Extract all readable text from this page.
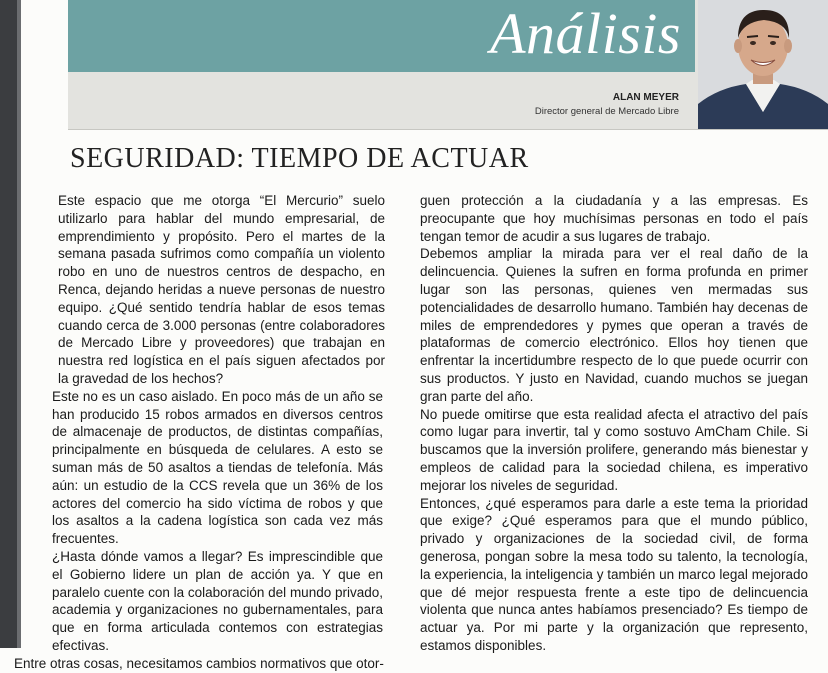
Análisis
ALAN MEYER
Director general de Mercado Libre
SEGURIDAD: TIEMPO DE ACTUAR

Este espacio que me otorga “El Mercurio” suelo utilizarlo para hablar del mundo empresarial, de emprendimiento y propósito. Pero el martes de la semana pasada sufrimos como compañía un violento robo en uno de nuestros centros de despacho, en Renca, dejando heridas a nueve personas de nuestro equipo. ¿Qué sentido tendría hablar de esos temas cuando cerca de 3.000 personas (entre colaboradores de Mercado Libre y proveedores) que trabajan en nuestra red logística en el país siguen afectados por la gravedad de los hechos?

Este no es un caso aislado. En poco más de un año se han producido 15 robos armados en diversos centros de almacenaje de productos, de distintas compañías, principalmente en búsqueda de celulares. A esto se suman más de 50 asaltos a tiendas de telefonía. Más aún: un estudio de la CCS revela que un 36% de los actores del comercio ha sido víctima de robos y que los asaltos a la cadena logística son cada vez más frecuentes.

¿Hasta dónde vamos a llegar? Es imprescindible que el Gobierno lidere un plan de acción ya. Y que en paralelo cuente con la colaboración del mundo privado, academia y organizaciones no gubernamentales, para que en forma articulada contemos con estrategias efectivas.

Entre otras cosas, necesitamos cambios normativos que otor-

guen protección a la ciudadanía y a las empresas. Es preocupante que hoy muchísimas personas en todo el país tengan temor de acudir a sus lugares de trabajo.

Debemos ampliar la mirada para ver el real daño de la delincuencia. Quienes la sufren en forma profunda en primer lugar son las personas, quienes ven mermadas sus potencialidades de desarrollo humano. También hay decenas de miles de emprendedores y pymes que operan a través de plataformas de comercio electrónico. Ellos hoy tienen que enfrentar la incertidumbre respecto de lo que puede ocurrir con sus productos. Y justo en Navidad, cuando muchos se juegan gran parte del año.

No puede omitirse que esta realidad afecta el atractivo del país como lugar para invertir, tal y como sostuvo AmCham Chile. Si buscamos que la inversión prolifere, generando más bienestar y empleos de calidad para la sociedad chilena, es imperativo mejorar los niveles de seguridad.

Entonces, ¿qué esperamos para darle a este tema la prioridad que exige? ¿Qué esperamos para que el mundo público, privado y organizaciones de la sociedad civil, de forma generosa, pongan sobre la mesa todo su talento, la tecnología, la experiencia, la inteligencia y también un marco legal mejorado que dé mejor respuesta frente a este tipo de delincuencia violenta que nunca antes habíamos presenciado? Es tiempo de actuar ya. Por mi parte y la organización que represento, estamos disponibles.
